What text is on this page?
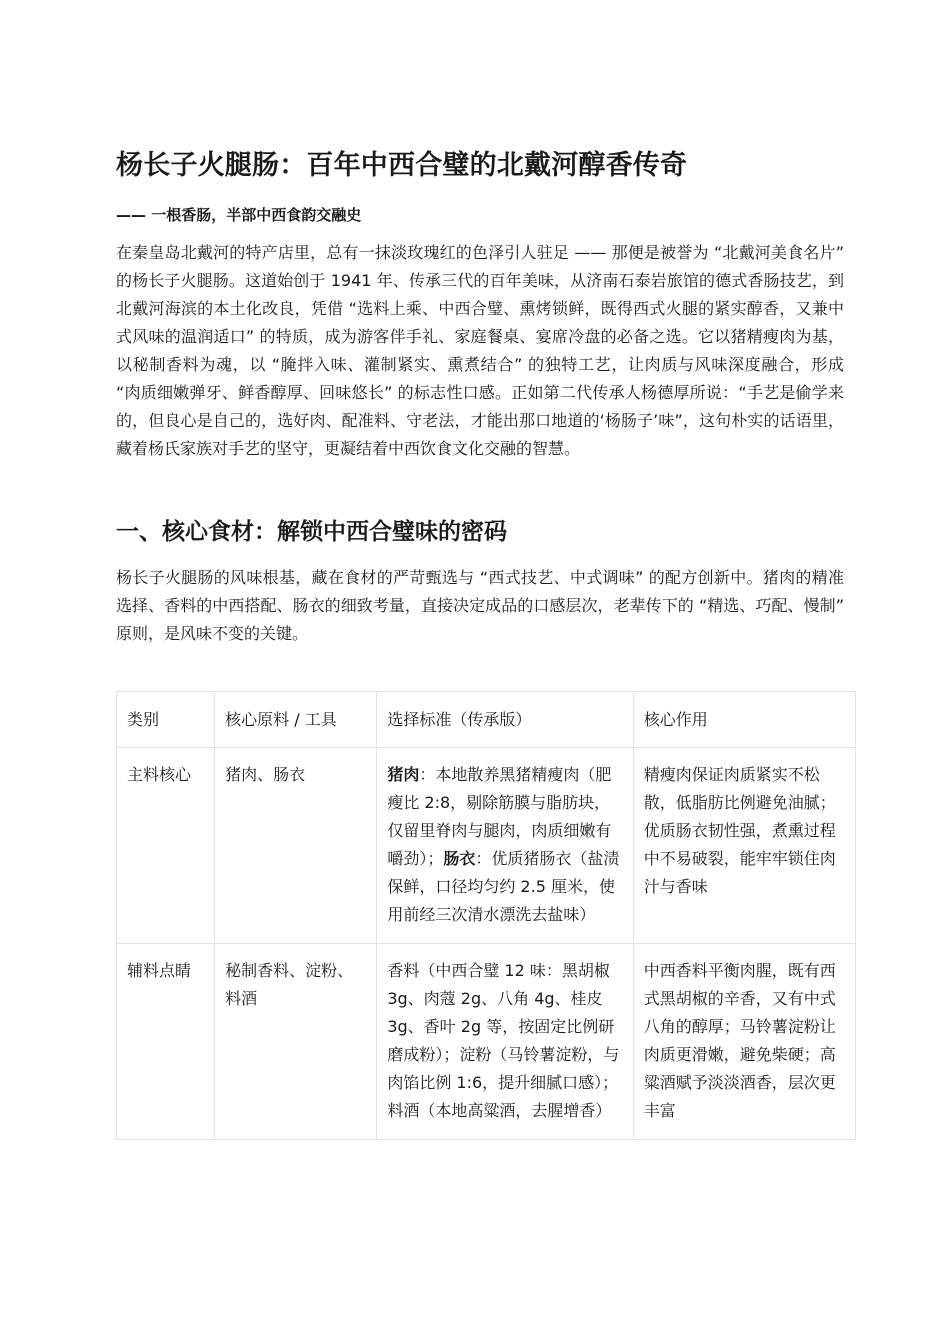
杨长子火腿肠：百年中西合璧的北戴河醇香传奇
—— 一根香肠，半部中西食韵交融史

在秦皇岛北戴河的特产店里，总有一抹淡玫瑰红的色泽引人驻足 —— 那便是被誉为 “北戴河美食名片” 的杨长子火腿肠。这道始创于 1941 年、传承三代的百年美味，从济南石泰岩旅馆的德式香肠技艺，到北戴河海滨的本土化改良，凭借 “选料上乘、中西合璧、熏烤锁鲜，既得西式火腿的紧实醇香，又兼中式风味的温润适口” 的特质，成为游客伴手礼、家庭餐桌、宴席冷盘的必备之选。它以猪精瘦肉为基，以秘制香料为魂，以 “腌拌入味、灌制紧实、熏煮结合” 的独特工艺，让肉质与风味深度融合，形成 “肉质细嫩弹牙、鲜香醇厚、回味悠长” 的标志性口感。正如第二代传承人杨德厚所说：“手艺是偷学来的，但良心是自己的，选好肉、配准料、守老法，才能出那口地道的‘杨肠子’味”，这句朴实的话语里，藏着杨氏家族对手艺的坚守，更凝结着中西饮食文化交融的智慧。

一、核心食材：解锁中西合璧味的密码

杨长子火腿肠的风味根基，藏在食材的严苛甄选与 “西式技艺、中式调味” 的配方创新中。猪肉的精准选择、香料的中西搭配、肠衣的细致考量，直接决定成品的口感层次，老辈传下的 “精选、巧配、慢制” 原则，是风味不变的关键。

类别	核心原料 / 工具	选择标准（传承版）	核心作用
主料核心	猪肉、肠衣	猪肉：本地散养黑猪精瘦肉（肥瘦比 2:8，剔除筋膜与脂肪块，仅留里脊肉与腿肉，肉质细嫩有嚼劲）；肠衣：优质猪肠衣（盐渍保鲜，口径均匀约 2.5 厘米，使用前经三次清水漂洗去盐味）	精瘦肉保证肉质紧实不松散，低脂肪比例避免油腻；优质肠衣韧性强，煮熏过程中不易破裂，能牢牢锁住肉汁与香味
辅料点睛	秘制香料、淀粉、料酒	香料（中西合璧 12 味：黑胡椒 3g、肉蔻 2g、八角 4g、桂皮 3g、香叶 2g 等，按固定比例研磨成粉）；淀粉（马铃薯淀粉，与肉馅比例 1:6，提升细腻口感）；料酒（本地高粱酒，去腥增香）	中西香料平衡肉腥，既有西式黑胡椒的辛香，又有中式八角的醇厚；马铃薯淀粉让肉质更滑嫩，避免柴硬；高粱酒赋予淡淡酒香，层次更丰富
